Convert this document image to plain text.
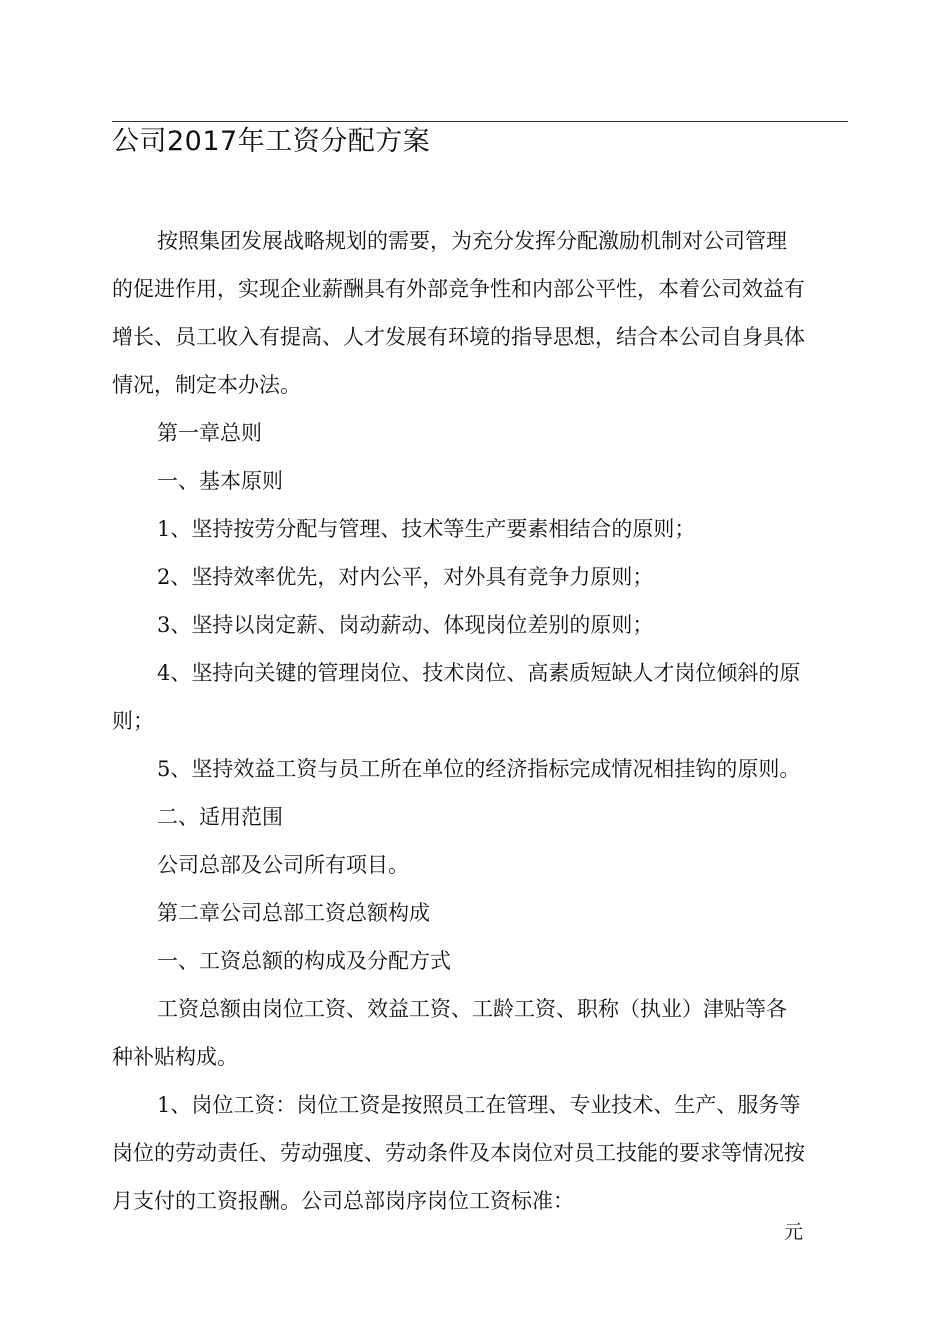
公司2017年工资分配方案

按照集团发展战略规划的需要，为充分发挥分配激励机制对公司管理

的促进作用，实现企业薪酬具有外部竞争性和内部公平性，本着公司效益有

增长、员工收入有提高、人才发展有环境的指导思想，结合本公司自身具体

情况，制定本办法。

第一章总则

一、基本原则

1、坚持按劳分配与管理、技术等生产要素相结合的原则；

2、坚持效率优先，对内公平，对外具有竞争力原则；

3、坚持以岗定薪、岗动薪动、体现岗位差别的原则；

4、坚持向关键的管理岗位、技术岗位、高素质短缺人才岗位倾斜的原

则；

5、坚持效益工资与员工所在单位的经济指标完成情况相挂钩的原则。

二、适用范围

公司总部及公司所有项目。

第二章公司总部工资总额构成

一、工资总额的构成及分配方式

工资总额由岗位工资、效益工资、工龄工资、职称（执业）津贴等各

种补贴构成。

1、岗位工资：岗位工资是按照员工在管理、专业技术、生产、服务等

岗位的劳动责任、劳动强度、劳动条件及本岗位对员工技能的要求等情况按

月支付的工资报酬。公司总部岗序岗位工资标准：

元
